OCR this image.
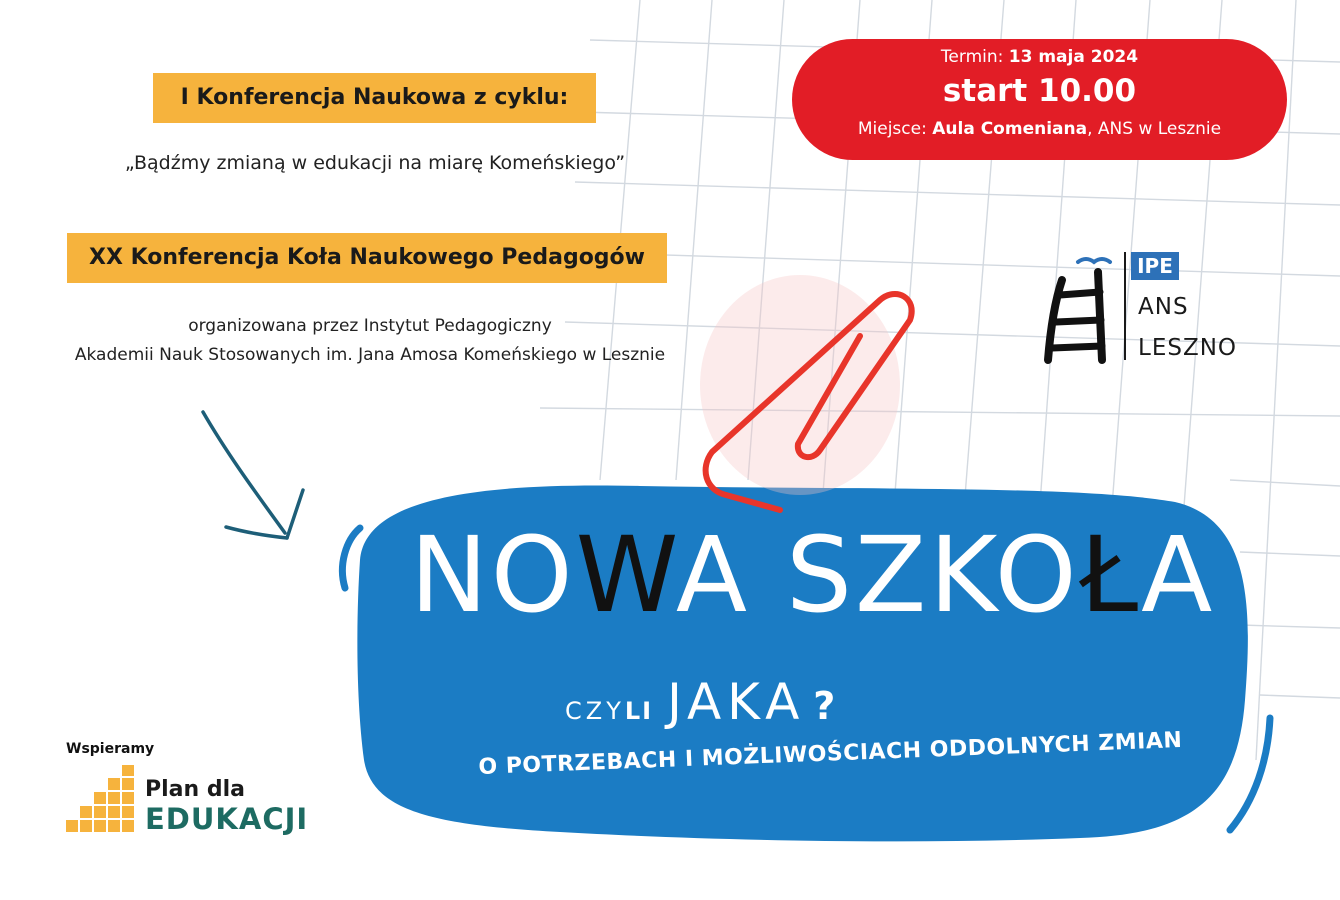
I Konferencja Naukowa z cyklu:
„Bądźmy zmianą w edukacji na miarę Komeńskiego”
XX Konferencja Koła Naukowego Pedagogów
organizowana przez Instytut Pedagogiczny
Akademii Nauk Stosowanych im. Jana Amosa Komeńskiego w Lesznie
Termin: 13 maja 2024
start 10.00
Miejsce: Aula Comeniana, ANS w Lesznie
IPE
ANS
LESZNO
NOWA SZKOŁA
CZYLI JAKA ?
O POTRZEBACH I MOŻLIWOŚCIACH ODDOLNYCH ZMIAN
Wspieramy
Plan dla
EDUKACJI
